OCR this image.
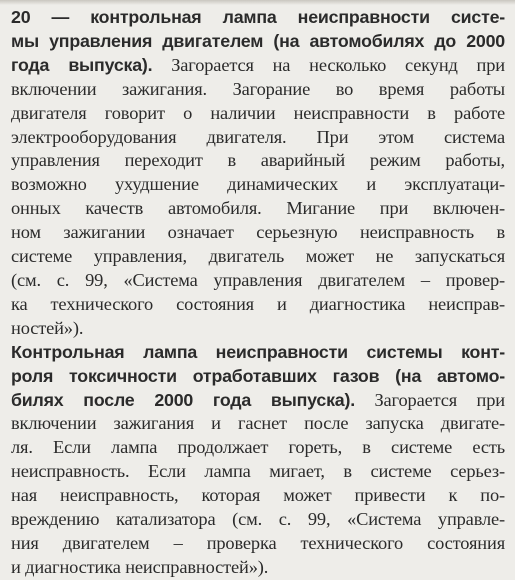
20 — контрольная лампа неисправности систе-
мы управления двигателем (на автомобилях до 2000
года выпуска). Загорается на несколько секунд при
включении зажигания. Загорание во время работы
двигателя говорит о наличии неисправности в работе
электрооборудования двигателя. При этом система
управления переходит в аварийный режим работы,
возможно ухудшение динамических и эксплуатаци-
онных качеств автомобиля. Мигание при включен-
ном зажигании означает серьезную неисправность в
системе управления, двигатель может не запускаться
(см. с. 99, «Система управления двигателем – провер-
ка технического состояния и диагностика неисправ-
ностей»).
Контрольная лампа неисправности системы конт-
роля токсичности отработавших газов (на автомо-
билях после 2000 года выпуска). Загорается при
включении зажигания и гаснет после запуска двигате-
ля. Если лампа продолжает гореть, в системе есть
неисправность. Если лампа мигает, в системе серьез-
ная неисправность, которая может привести к по-
вреждению катализатора (см. с. 99, «Система управле-
ния двигателем – проверка технического состояния
и диагностика неисправностей»).
